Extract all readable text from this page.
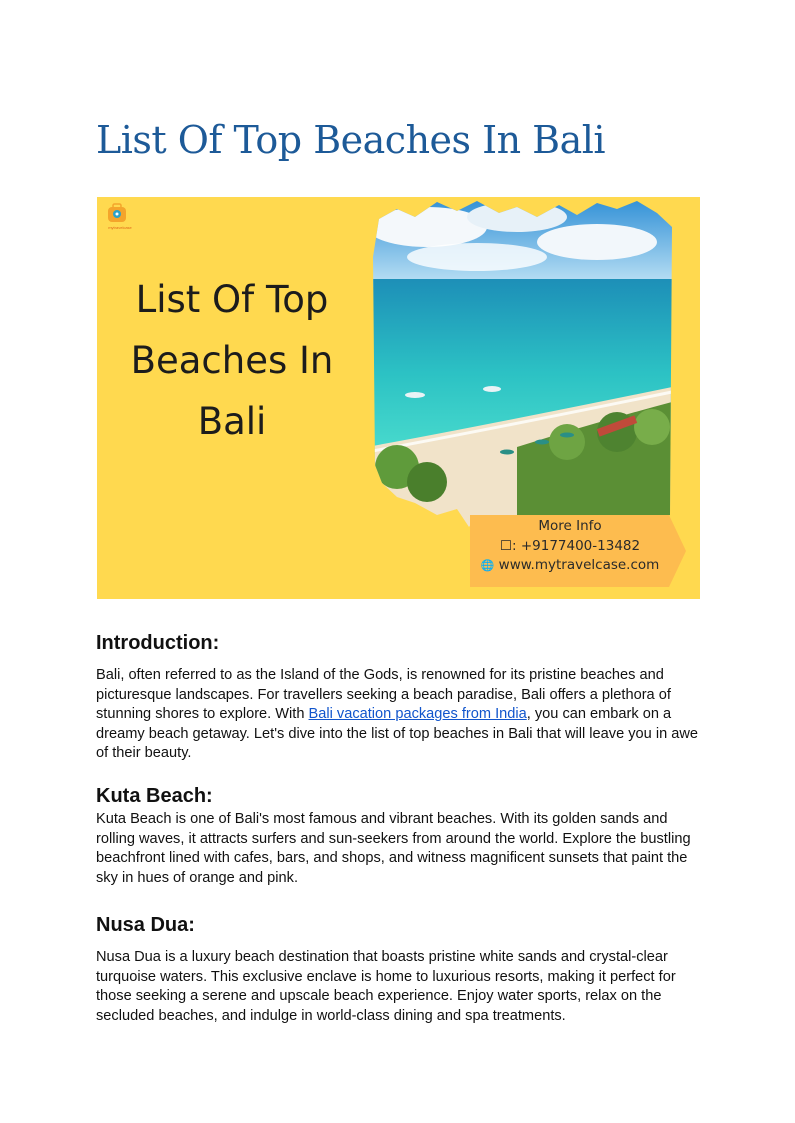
List Of Top Beaches In Bali
mytravelcase
List Of Top
Beaches In
Bali
More Info
☐: +9177400-13482
🌐 www.mytravelcase.com
Introduction:

Bali, often referred to as the Island of the Gods, is renowned for its pristine beaches and picturesque landscapes. For travellers seeking a beach paradise, Bali offers a plethora of stunning shores to explore. With Bali vacation packages from India, you can embark on a dreamy beach getaway. Let's dive into the list of top beaches in Bali that will leave you in awe of their beauty.

Kuta Beach:

Kuta Beach is one of Bali's most famous and vibrant beaches. With its golden sands and rolling waves, it attracts surfers and sun-seekers from around the world. Explore the bustling beachfront lined with cafes, bars, and shops, and witness magnificent sunsets that paint the sky in hues of orange and pink.

Nusa Dua:

Nusa Dua is a luxury beach destination that boasts pristine white sands and crystal-clear turquoise waters. This exclusive enclave is home to luxurious resorts, making it perfect for those seeking a serene and upscale beach experience. Enjoy water sports, relax on the secluded beaches, and indulge in world-class dining and spa treatments.
